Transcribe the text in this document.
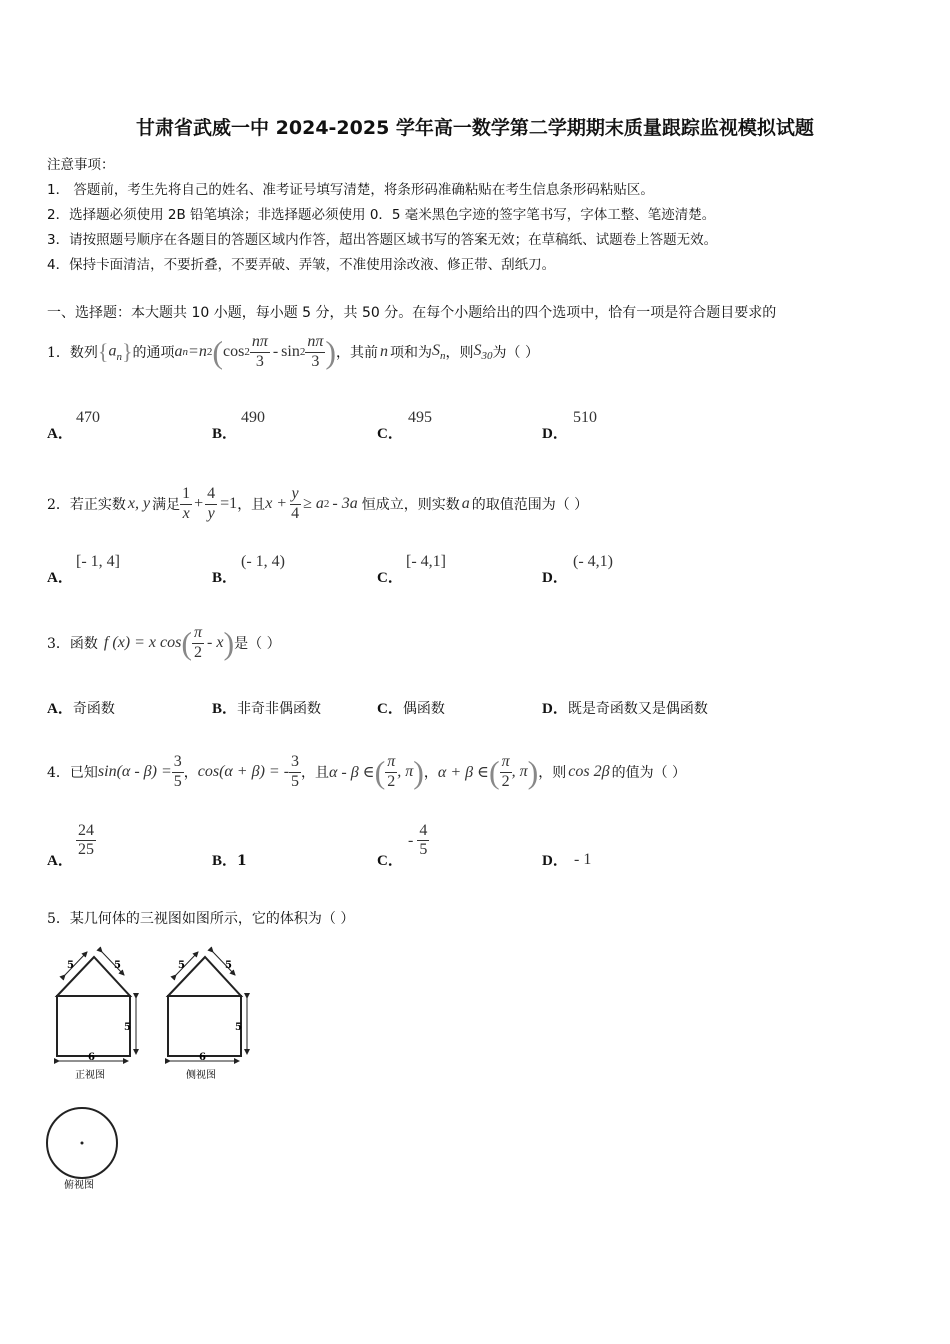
甘肃省武威一中 2024-2025 学年高一数学第二学期期末质量跟踪监视模拟试题
注意事项：
1． 答题前，考生先将自己的姓名、准考证号填写清楚，将条形码准确粘贴在考生信息条形码粘贴区。
2．选择题必须使用 2B 铅笔填涂；非选择题必须使用 0．5 毫米黑色字迹的签字笔书写，字体工整、笔迹清楚。
3．请按照题号顺序在各题目的答题区域内作答，超出答题区域书写的答案无效；在草稿纸、试题卷上答题无效。
4．保持卡面清洁，不要折叠，不要弄破、弄皱，不准使用涂改液、修正带、刮纸刀。
一、选择题：本大题共 10 小题，每小题 5 分，共 50 分。在每个小题给出的四个选项中，恰有一项是符合题目要求的
1． 数列 $\{a_n\}$ 的通项 a n =n 2 ( $\cos 2 \frac{n\pi}{3}$ - $\sin 2 \frac{n\pi}{3}$ ) ，其前 n 项和为 $S_n$ ，则 $S_{30}$ 为（ ）
A．
470
B．
490
C．
495
D．
510
2． 若正实数 x, y 满足 $\frac{1}{x} + \frac{4}{y} =1$ ，且 $x + \frac{y}{4} \ge a$ 2 - 3a 恒成立，则实数 a 的取值范围为（ ）
A．
[- 1, 4]
B．
(- 1, 4)
C．
[- 4,1]
D．
(- 4,1)
3． 函数 f (x) = x cos ( $\frac{\pi}{2}$ - x ) 是（ ）
A．奇函数	B．非奇非偶函数	C．偶函数	D．既是奇函数又是偶函数
4． 已知 $\sin(\alpha - \beta) = \frac{3}{5}$ ， cos(α + β) = - $\frac{3}{5}$ ，且 α - β ∈ ( $\frac{\pi}{2}$ , π ) ， α + β ∈ ( $\frac{\pi}{2}$ , π ) ，则 cos 2β 的值为（ ）
A．
$\frac{24}{25}$
B．1	C．
- $\frac{4}{5}$
D． - 1
5．某几何体的三视图如图所示，它的体积为（ ）
5	5
5
6
正视图
5	5
5
6
侧视图
俯视图
